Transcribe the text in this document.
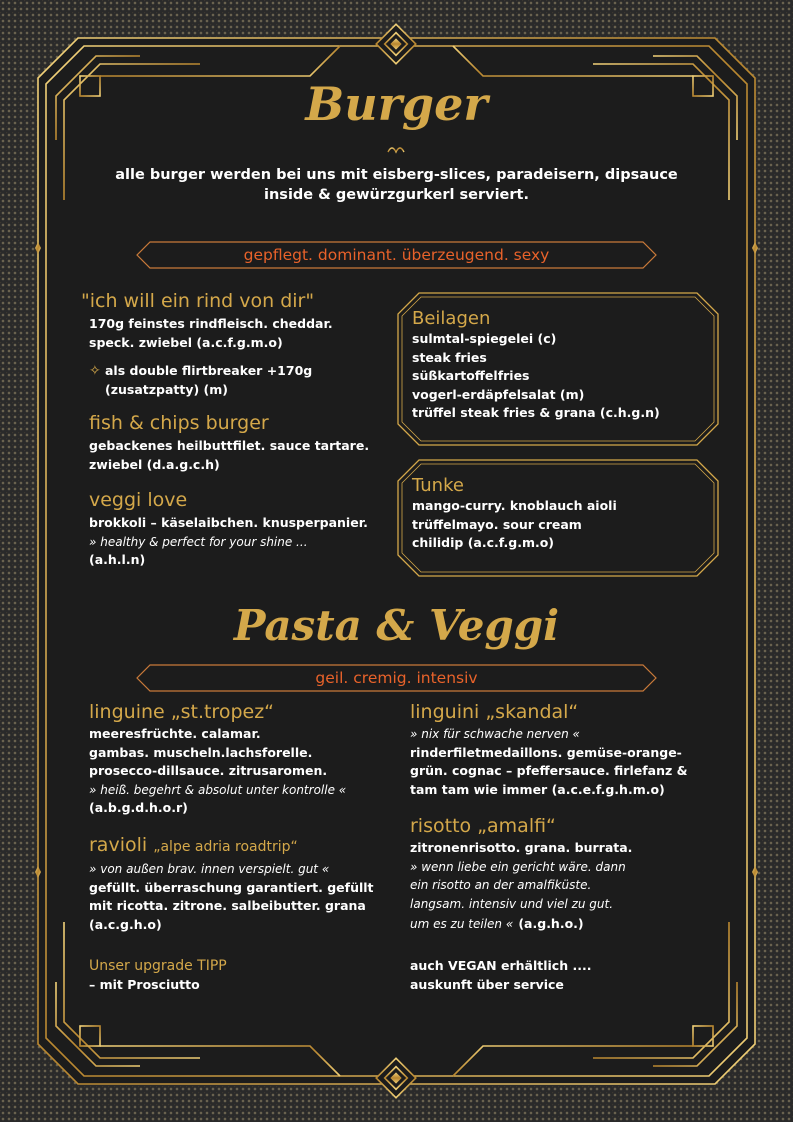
Burger
alle burger werden bei uns mit eisberg-slices, paradeisern, dipsauce
inside & gewürzgurkerl serviert.
gepflegt. dominant. überzeugend. sexy
"ich will ein rind von dir"
170g feinstes rindfleisch. cheddar.
speck. zwiebel (a.c.f.g.m.o)
✧ als double flirtbreaker +170g
(zusatzpatty) (m)
fish & chips burger
gebackenes heilbuttfilet. sauce tartare.
zwiebel (d.a.g.c.h)
veggi love
brokkoli – käselaibchen. knusperpanier.
» healthy & perfect for your shine ...
(a.h.l.n)
Beilagen
sulmtal-spiegelei (c)
steak fries
süßkartoffelfries
vogerl-erdäpfelsalat (m)
trüffel steak fries & grana (c.h.g.n)
Tunke
mango-curry. knoblauch aioli
trüffelmayo. sour cream
chilidip (a.c.f.g.m.o)
Pasta & Veggi
geil. cremig. intensiv
linguine „st.tropez“
meeresfrüchte. calamar.
gambas. muscheln.lachsforelle.
prosecco-dillsauce. zitrusaromen.
» heiß. begehrt & absolut unter kontrolle «
(a.b.g.d.h.o.r)
ravioli „alpe adria roadtrip“
» von außen brav. innen verspielt. gut «
gefüllt. überraschung garantiert. gefüllt
mit ricotta. zitrone. salbeibutter. grana
(a.c.g.h.o)
Unser upgrade TIPP
– mit Prosciutto
linguini „skandal“
» nix für schwache nerven «
rinderfiletmedaillons. gemüse-orange-
grün. cognac – pfeffersauce. firlefanz &
tam tam wie immer (a.c.e.f.g.h.m.o)
risotto „amalfi“
zitronenrisotto. grana. burrata.
» wenn liebe ein gericht wäre. dann
ein risotto an der amalfiküste.
langsam. intensiv und viel zu gut.
um es zu teilen « (a.g.h.o.)
auch VEGAN erhältlich ....
auskunft über service
